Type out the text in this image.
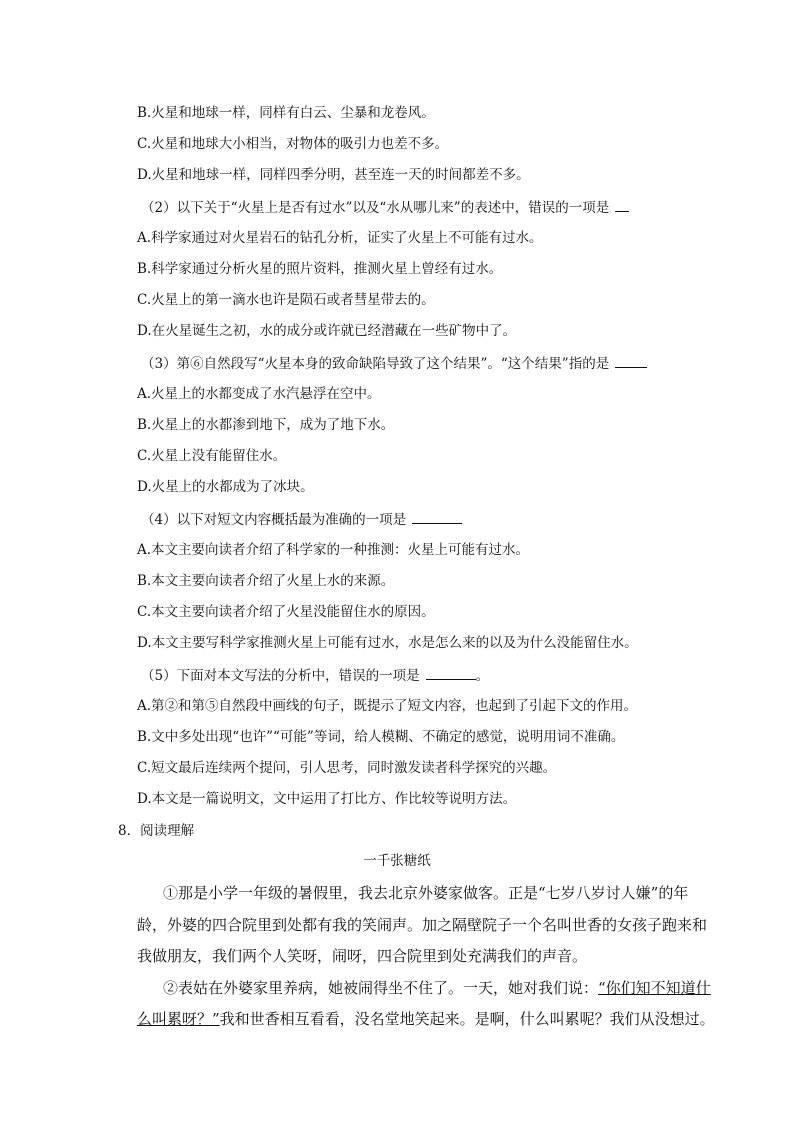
B.火星和地球一样，同样有白云、尘暴和龙卷风。
C.火星和地球大小相当，对物体的吸引力也差不多。
D.火星和地球一样，同样四季分明，甚至连一天的时间都差不多。
（2）以下关于“火星上是否有过水”以及“水从哪儿来”的表述中，错误的一项是
A.科学家通过对火星岩石的钻孔分析，证实了火星上不可能有过水。
B.科学家通过分析火星的照片资料，推测火星上曾经有过水。
C.火星上的第一滴水也许是陨石或者彗星带去的。
D.在火星诞生之初，水的成分或许就已经潜藏在一些矿物中了。
（3）第⑥自然段写“火星本身的致命缺陷导致了这个结果”。“这个结果”指的是
A.火星上的水都变成了水汽悬浮在空中。
B.火星上的水都渗到地下，成为了地下水。
C.火星上没有能留住水。
D.火星上的水都成为了冰块。
（4）以下对短文内容概括最为准确的一项是
A.本文主要向读者介绍了科学家的一种推测：火星上可能有过水。
B.本文主要向读者介绍了火星上水的来源。
C.本文主要向读者介绍了火星没能留住水的原因。
D.本文主要写科学家推测火星上可能有过水，水是怎么来的以及为什么没能留住水。
（5）下面对本文写法的分析中，错误的一项是	。
A.第②和第⑤自然段中画线的句子，既提示了短文内容，也起到了引起下文的作用。
B.文中多处出现“也许”“可能”等词，给人模糊、不确定的感觉，说明用词不准确。
C.短文最后连续两个提问，引人思考，同时激发读者科学探究的兴趣。
D.本文是一篇说明文，文中运用了打比方、作比较等说明方法。
8．阅读理解
一千张糖纸
①那是小学一年级的暑假里，我去北京外婆家做客。正是“七岁八岁讨人嫌”的年
龄，外婆的四合院里到处都有我的笑闹声。加之隔壁院子一个名叫世香的女孩子跑来和
我做朋友，我们两个人笑呀，闹呀，四合院里到处充满我们的声音。
②表姑在外婆家里养病，她被闹得坐不住了。一天，她对我们说：“你们知不知道什
么叫累呀？”我和世香相互看看，没名堂地笑起来。是啊，什么叫累呢？我们从没想过。
